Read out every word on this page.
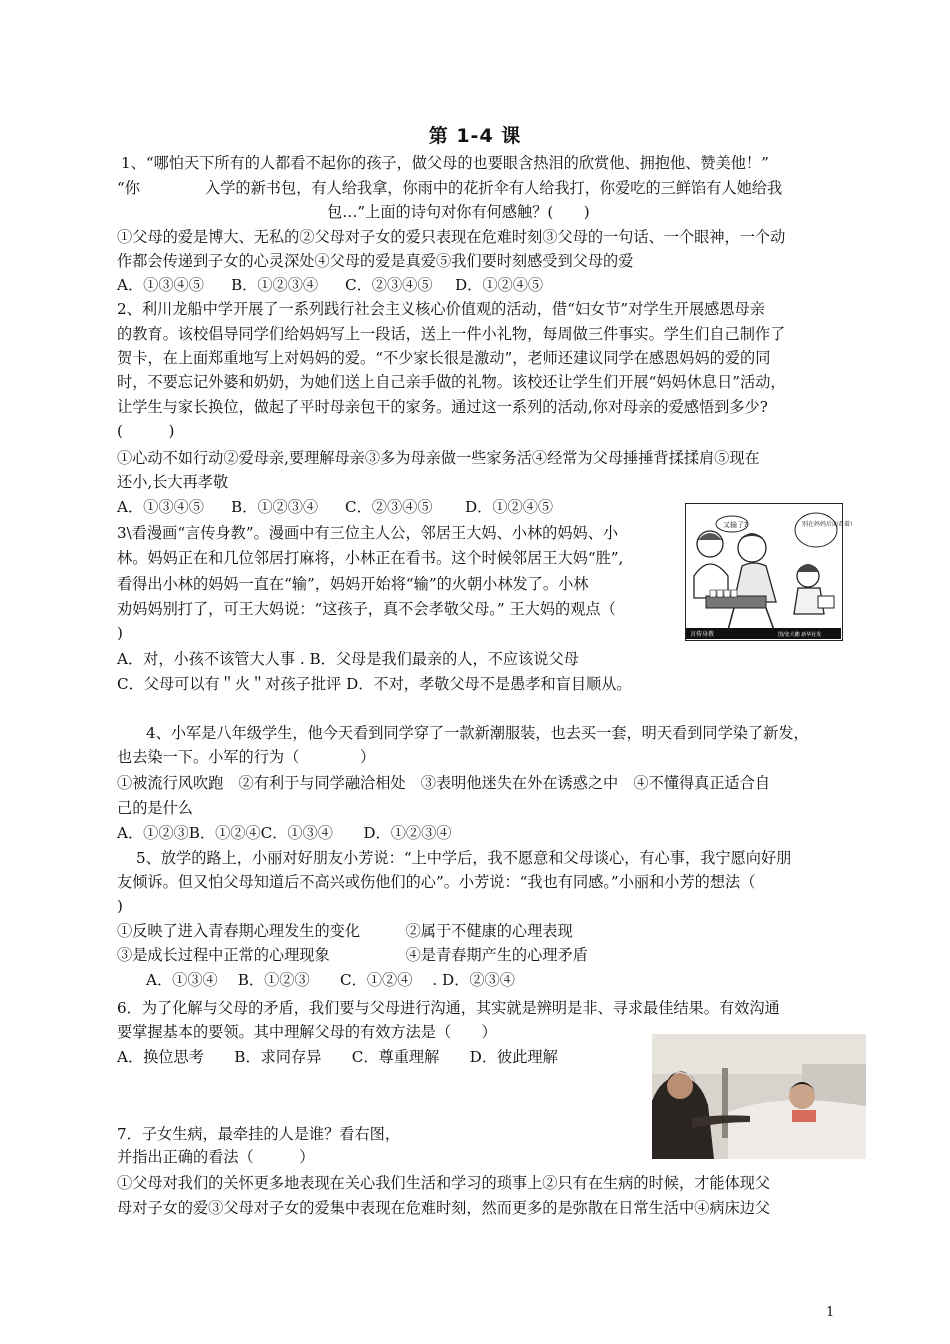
第 1-4 课
1、“哪怕天下所有的人都看不起你的孩子，做父母的也要眼含热泪的欣赏他、拥抱他、赞美他！”
“你	入学的新书包，有人给我拿，你雨中的花折伞有人给我打，你爱吃的三鲜馅有人她给我
包…”上面的诗句对你有何感触？(　　)
①父母的爱是博大、无私的②父母对子女的爱只表现在危难时刻③父母的一句话、一个眼神，一个动
作都会传递到子女的心灵深处④父母的爱是真爱⑤我们要时刻感受到父母的爱
A．①③④⑤ B．①②③④ C．②③④⑤ D．①②④⑤
2、利川龙船中学开展了一系列践行社会主义核心价值观的活动，借“妇女节”对学生开展感恩母亲
的教育。该校倡导同学们给妈妈写上一段话，送上一件小礼物，每周做三件事实。学生们自己制作了
贺卡，在上面郑重地写上对妈妈的爱。“不少家长很是激动”，老师还建议同学在感恩妈妈的爱的同
时，不要忘记外婆和奶奶，为她们送上自己亲手做的礼物。该校还让学生们开展“妈妈休息日”活动，
让学生与家长换位，做起了平时母亲包干的家务。通过这一系列的活动,你对母亲的爱感悟到多少?
(　　　)
①心动不如行动②爱母亲,要理解母亲③多为母亲做一些家务活④经常为父母捶捶背揉揉肩⑤现在
还小,长大再孝敬
A．①③④⑤ B．①②③④ C．②③④⑤ D．①②④⑤
3\看漫画“言传身教”。漫画中有三位主人公，邻居王大妈、小林的妈妈、小
林。妈妈正在和几位邻居打麻将，小林正在看书。这个时候邻居王大妈“胜”,
看得出小林的妈妈一直在“输”，妈妈开始将“输”的火朝小林发了。小林
劝妈妈别打了，可王大妈说：“这孩子，真不会孝敬父母。” 王大妈的观点（
)
A．对，小孩不该管大人事 . B．父母是我们最亲的人，不应该说父母
C．父母可以有＂火＂对孩子批评 D．不对，孝敬父母不是愚孝和盲目顺从。
又输了?	别在妈妈后面看着!
言传身教	图/张大鹏 新华社发
4、小军是八年级学生，他今天看到同学穿了一款新潮服装，也去买一套，明天看到同学染了新发，
也去染一下。小军的行为（　　　　）
①被流行风吹跑　②有利于与同学融洽相处　③表明他迷失在外在诱惑之中　④不懂得真正适合自
己的是什么
A．①②③B．①②④C．①③④　　D．①②③④
5、放学的路上，小丽对好朋友小芳说：“上中学后，我不愿意和父母谈心，有心事，我宁愿向好朋
友倾诉。但又怕父母知道后不高兴或伤他们的心”。小芳说：“我也有同感。”小丽和小芳的想法（
)
①反映了进入青春期心理发生的变化　　　②属于不健康的心理表现
③是成长过程中正常的心理现象　　　　　④是青春期产生的心理矛盾
A．①③④　 B．①②③　　C．①②④　 . D．②③④
6．为了化解与父母的矛盾，我们要与父母进行沟通，其实就是辨明是非、寻求最佳结果。有效沟通
要掌握基本的要领。其中理解父母的有效方法是（　　）
A．换位思考　　B．求同存异　　C．尊重理解　　D．彼此理解
7．子女生病，最牵挂的人是谁？看右图，
并指出正确的看法（　　　）
①父母对我们的关怀更多地表现在关心我们生活和学习的琐事上②只有在生病的时候，才能体现父
母对子女的爱③父母对子女的爱集中表现在危难时刻，然而更多的是弥散在日常生活中④病床边父
1
